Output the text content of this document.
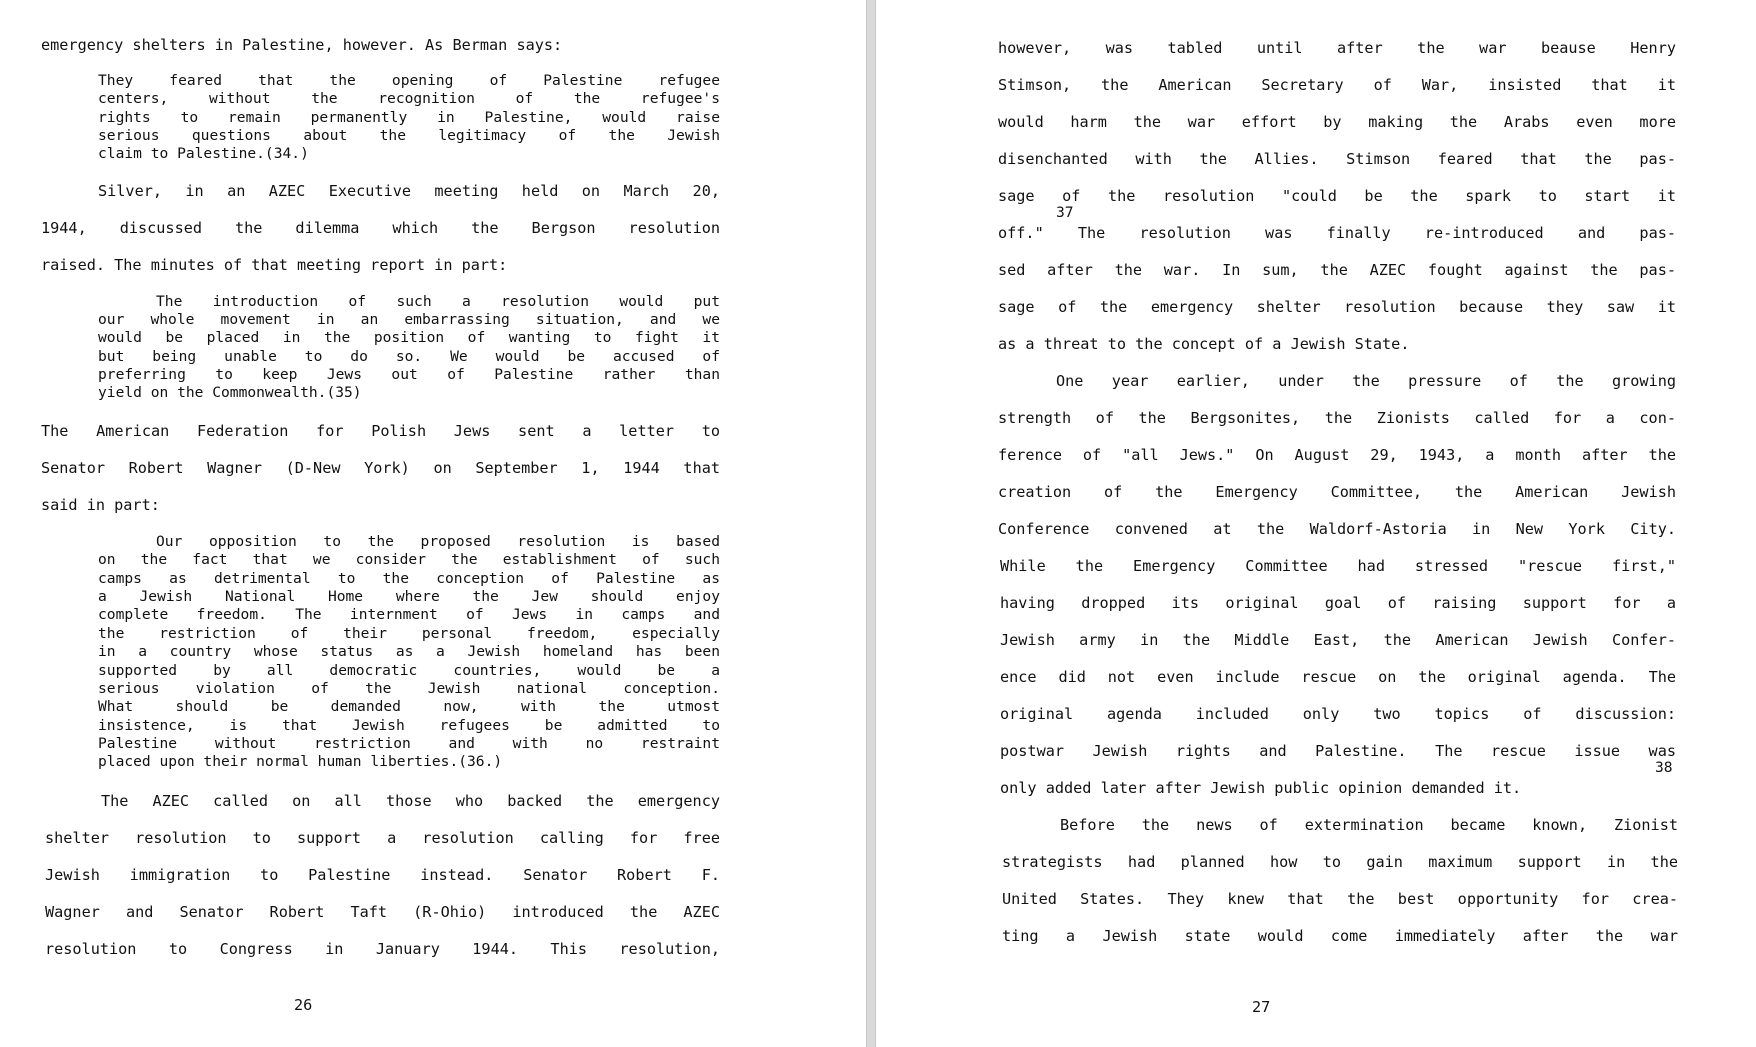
emergency shelters in Palestine, however. As Berman says:

They feared that the opening of Palestine refugee

centers, without the recognition of the refugee's

rights to remain permanently in Palestine, would raise

serious questions about the legitimacy of the Jewish

claim to Palestine.(34.)

Silver, in an AZEC Executive meeting held on March 20,

1944, discussed the dilemma which the Bergson resolution

raised. The minutes of that meeting report in part:

The introduction of such a resolution would put

our whole movement in an embarrassing situation, and we

would be placed in the position of wanting to fight it

but being unable to do so. We would be accused of

preferring to keep Jews out of Palestine rather than

yield on the Commonwealth.(35)

The American Federation for Polish Jews sent a letter to

Senator Robert Wagner (D-New York) on September 1, 1944 that

said in part:

Our opposition to the proposed resolution is based

on the fact that we consider the establishment of such

camps as detrimental to the conception of Palestine as

a Jewish National Home where the Jew should enjoy

complete freedom. The internment of Jews in camps and

the restriction of their personal freedom, especially

in a country whose status as a Jewish homeland has been

supported by all democratic countries, would be a

serious violation of the Jewish national conception.

What should be demanded now, with the utmost

insistence, is that Jewish refugees be admitted to

Palestine without restriction and with no restraint

placed upon their normal human liberties.(36.)

The AZEC called on all those who backed the emergency

shelter resolution to support a resolution calling for free

Jewish immigration to Palestine instead. Senator Robert F.

Wagner and Senator Robert Taft (R-Ohio) introduced the AZEC

resolution to Congress in January 1944. This resolution,

26

however, was tabled until after the war beause Henry

Stimson, the American Secretary of War, insisted that it

would harm the war effort by making the Arabs even more

disenchanted with the Allies. Stimson feared that the pas-

sage of the resolution "could be the spark to start it

37

off." The resolution was finally re-introduced and pas-

sed after the war. In sum, the AZEC fought against the pas-

sage of the emergency shelter resolution because they saw it

as a threat to the concept of a Jewish State.

One year earlier, under the pressure of the growing

strength of the Bergsonites, the Zionists called for a con-

ference of "all Jews." On August 29, 1943, a month after the

creation of the Emergency Committee, the American Jewish

Conference convened at the Waldorf-Astoria in New York City.

While the Emergency Committee had stressed "rescue first,"

having dropped its original goal of raising support for a

Jewish army in the Middle East, the American Jewish Confer-

ence did not even include rescue on the original agenda. The

original agenda included only two topics of discussion:

postwar Jewish rights and Palestine. The rescue issue was

38

only added later after Jewish public opinion demanded it.

Before the news of extermination became known, Zionist

strategists had planned how to gain maximum support in the

United States. They knew that the best opportunity for crea-

ting a Jewish state would come immediately after the war

27
